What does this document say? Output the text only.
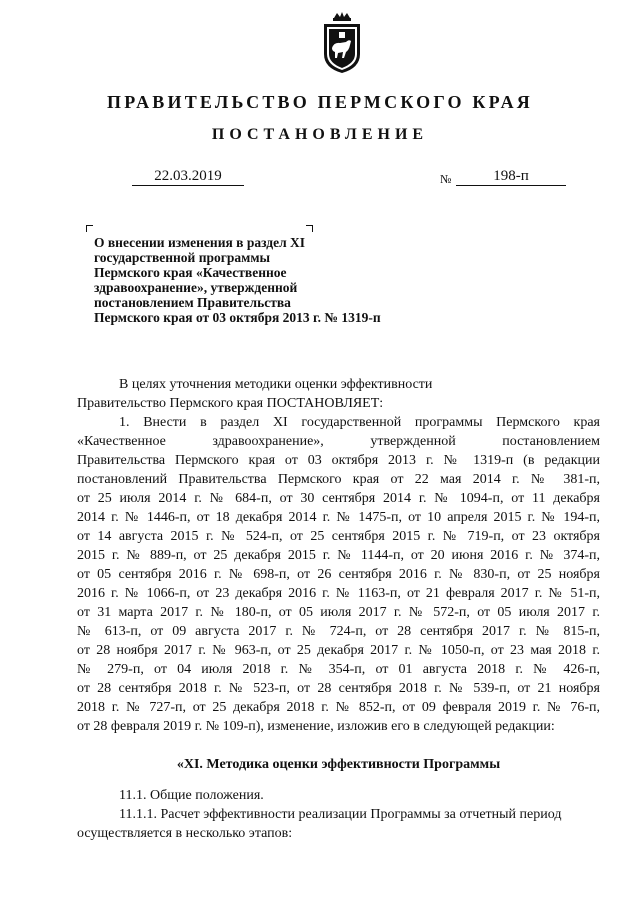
ПРАВИТЕЛЬСТВО ПЕРМСКОГО КРАЯ
ПОСТАНОВЛЕНИЕ
22.03.2019	№	198-п
О внесении изменения в раздел XI
государственной программы
Пермского края «Качественное
здравоохранение», утвержденной
постановлением Правительства
Пермского края от 03 октября 2013 г. № 1319-п

В целях уточнения методики оценки эффективности

Правительство Пермского края ПОСТАНОВЛЯЕТ:

1. Внести в раздел XI государственной программы Пермского края
«Качественное здравоохранение», утвержденной постановлением
Правительства Пермского края от 03 октября 2013 г. № 1319-п (в редакции
постановлений Правительства Пермского края от 22 мая 2014 г. № 381-п,
от 25 июля 2014 г. № 684-п, от 30 сентября 2014 г. № 1094-п, от 11 декабря
2014 г. № 1446-п, от 18 декабря 2014 г. № 1475-п, от 10 апреля 2015 г. № 194-п,
от 14 августа 2015 г. № 524-п, от 25 сентября 2015 г. № 719-п, от 23 октября
2015 г. № 889-п, от 25 декабря 2015 г. № 1144-п, от 20 июня 2016 г. № 374-п,
от 05 сентября 2016 г. № 698-п, от 26 сентября 2016 г. № 830-п, от 25 ноября
2016 г. № 1066-п, от 23 декабря 2016 г. № 1163-п, от 21 февраля 2017 г. № 51-п,
от 31 марта 2017 г. № 180-п, от 05 июля 2017 г. № 572-п, от 05 июля 2017 г.
№ 613-п, от 09 августа 2017 г. № 724-п, от 28 сентября 2017 г. № 815-п,
от 28 ноября 2017 г. № 963-п, от 25 декабря 2017 г. № 1050-п, от 23 мая 2018 г.
№ 279-п, от 04 июля 2018 г. № 354-п, от 01 августа 2018 г. № 426-п,
от 28 сентября 2018 г. № 523-п, от 28 сентября 2018 г. № 539-п, от 21 ноября
2018 г. № 727-п, от 25 декабря 2018 г. № 852-п, от 09 февраля 2019 г. № 76-п,
от 28 февраля 2019 г. № 109-п), изменение, изложив его в следующей редакции:
«XI. Методика оценки эффективности Программы

11.1. Общие положения.

11.1.1. Расчет эффективности реализации Программы за отчетный период

осуществляется в несколько этапов:
